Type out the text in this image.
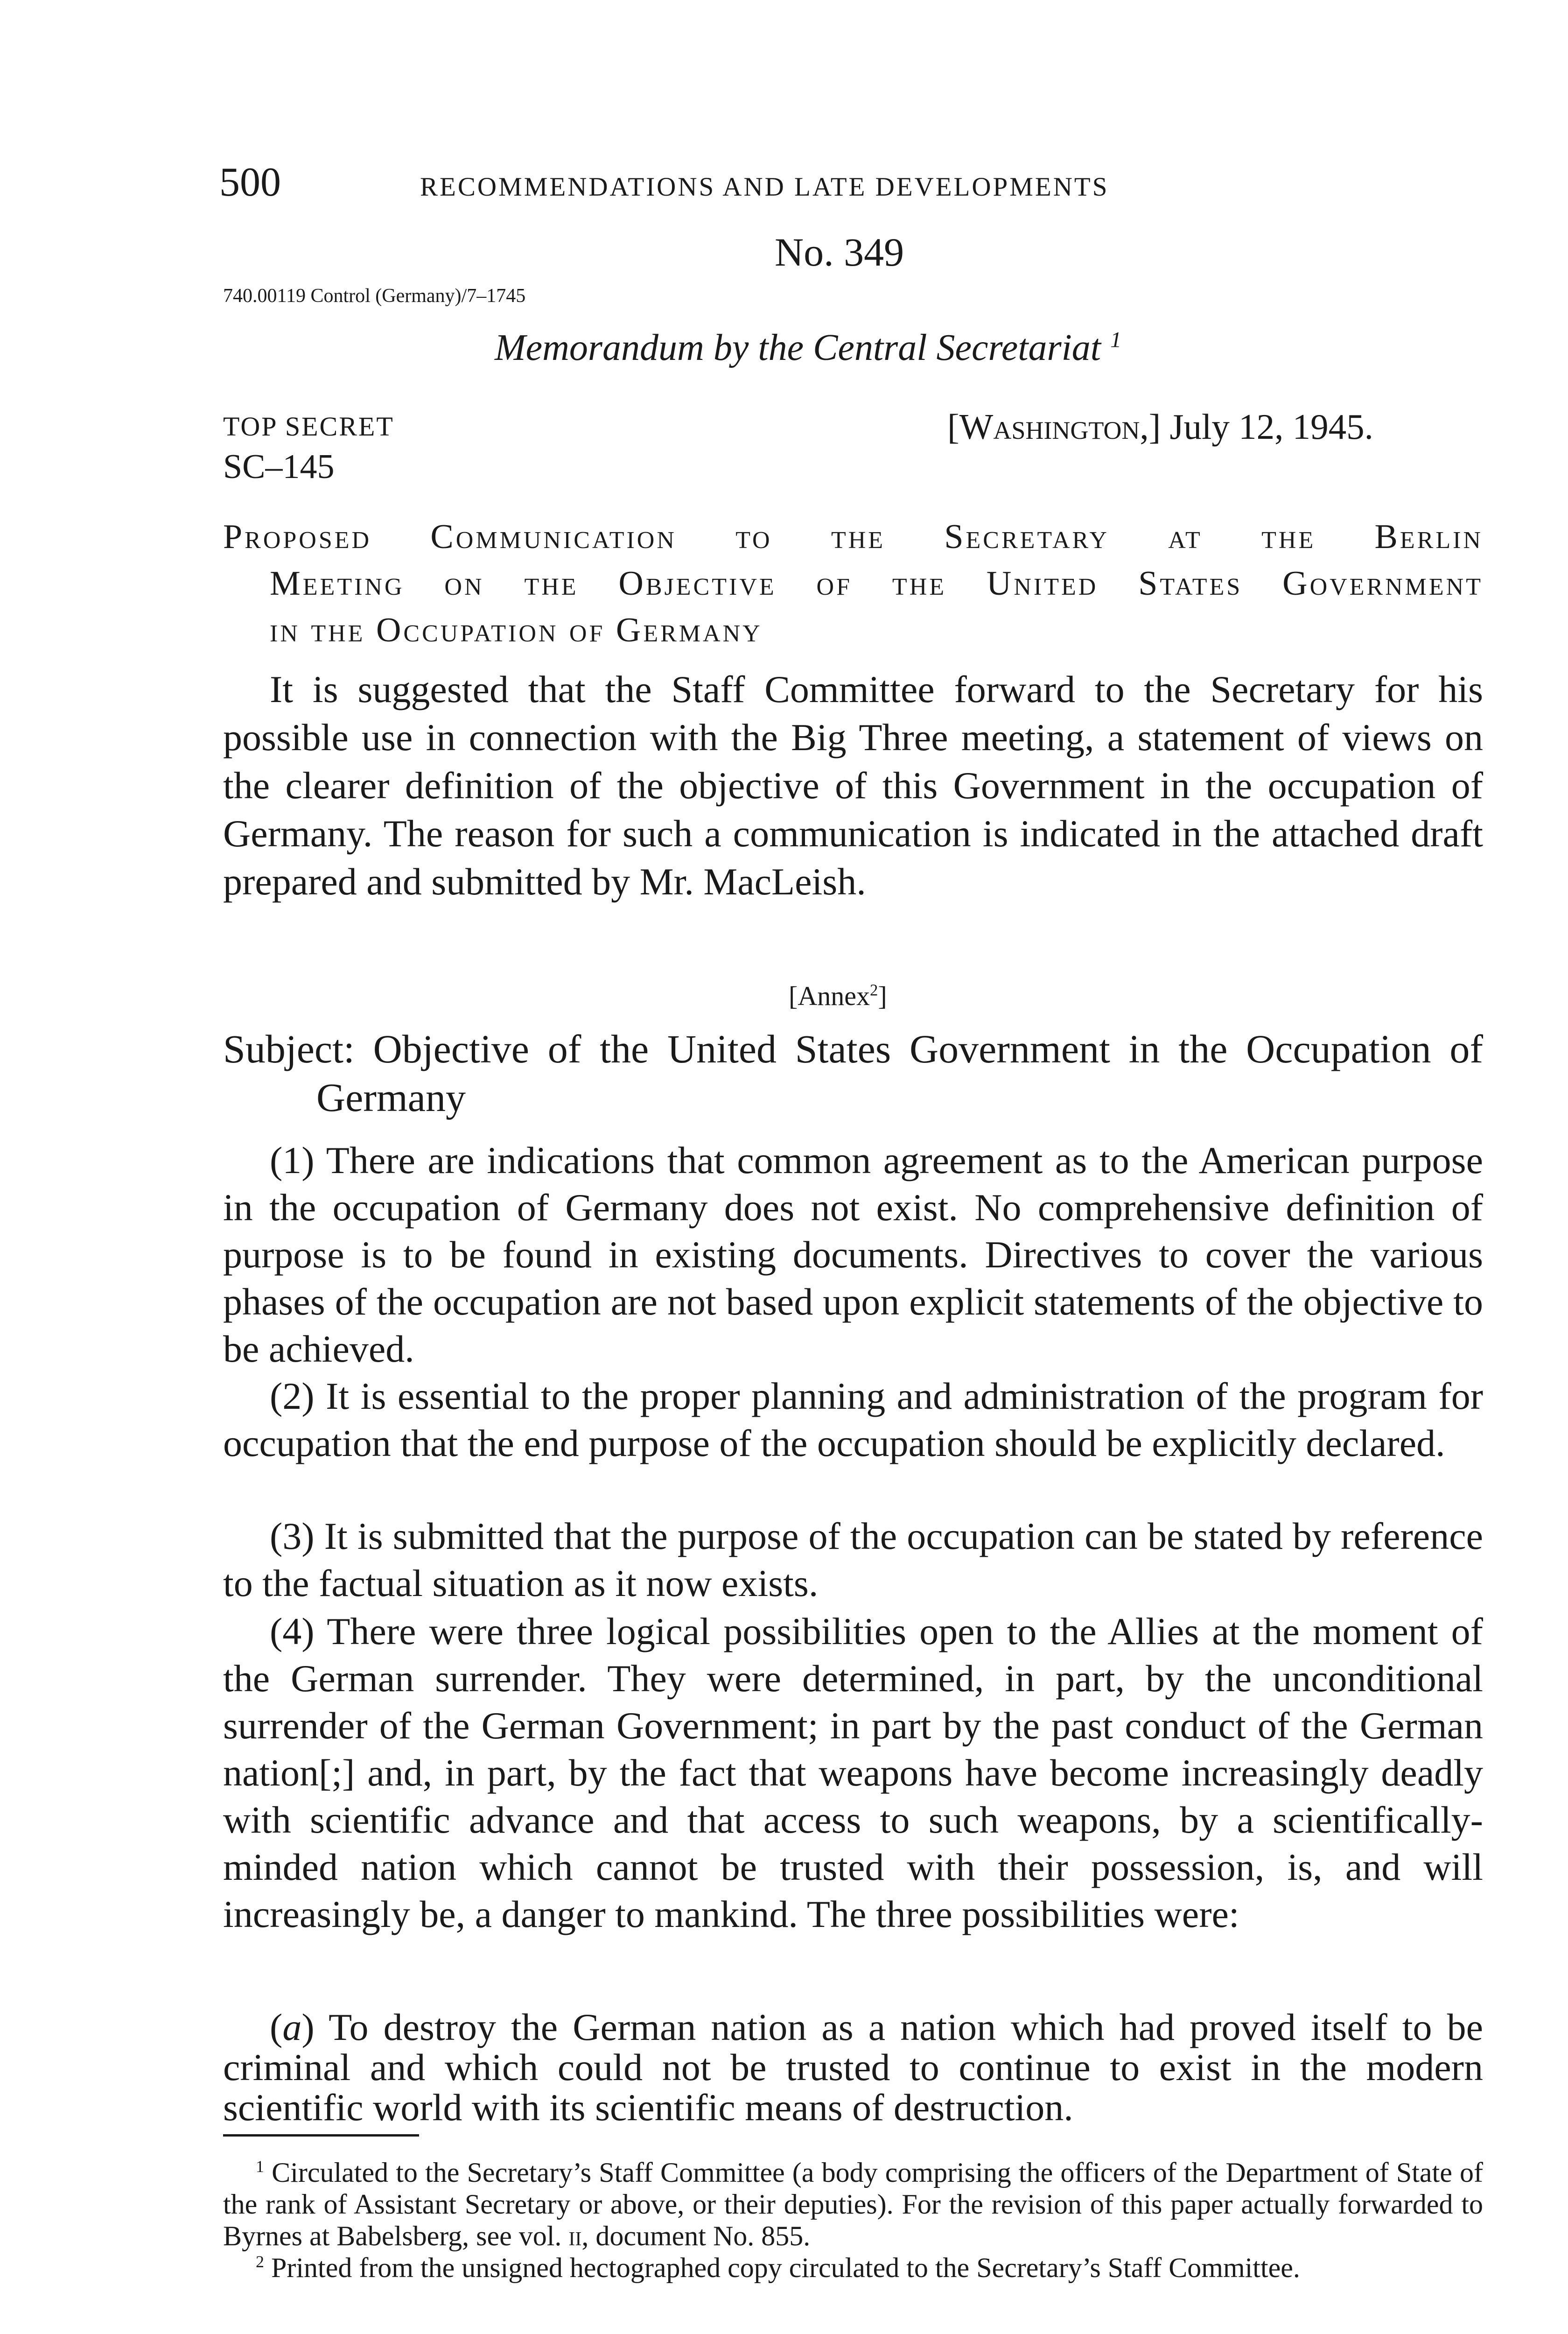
500	RECOMMENDATIONS AND LATE DEVELOPMENTS
No. 349
740.00119 Control (Germany)/7–1745
Memorandum by the Central Secretariat $^1$
TOP SECRET
SC–145
[Washington,] July 12, 1945.
Proposed Communication to the Secretary at the Berlin
Meeting on the Objective of the United States Government
in the Occupation of Germany
It is suggested that the Staff Committee forward to the Secretary for his possible use in connection with the Big Three meeting, a statement of views on the clearer definition of the objective of this Government in the occupation of Germany. The reason for such a communication is indicated in the attached draft prepared and submitted by Mr. MacLeish.
[Annex$^2$]
Subject: Objective of the United States Government in the Occupation of Germany
(1) There are indications that common agreement as to the American purpose in the occupation of Germany does not exist. No comprehensive definition of purpose is to be found in existing documents. Directives to cover the various phases of the occupation are not based upon explicit statements of the objective to be achieved.
(2) It is essential to the proper planning and administration of the program for occupation that the end purpose of the occupation should be explicitly declared.
(3) It is submitted that the purpose of the occupation can be stated by reference to the factual situation as it now exists.
(4) There were three logical possibilities open to the Allies at the moment of the German surrender. They were determined, in part, by the unconditional surrender of the German Government; in part by the past conduct of the German nation[;] and, in part, by the fact that weapons have become increasingly deadly with scientific advance and that access to such weapons, by a scientifically-minded nation which cannot be trusted with their possession, is, and will increasingly be, a danger to mankind. The three possibilities were:
(a) To destroy the German nation as a nation which had proved itself to be criminal and which could not be trusted to continue to exist in the modern scientific world with its scientific means of destruction.

$^1$ Circulated to the Secretary’s Staff Committee (a body comprising the officers of the Department of State of the rank of Assistant Secretary or above, or their deputies). For the revision of this paper actually forwarded to Byrnes at Babelsberg, see vol. ii, document No. 855.

$^2$ Printed from the unsigned hectographed copy circulated to the Secretary’s Staff Committee.
